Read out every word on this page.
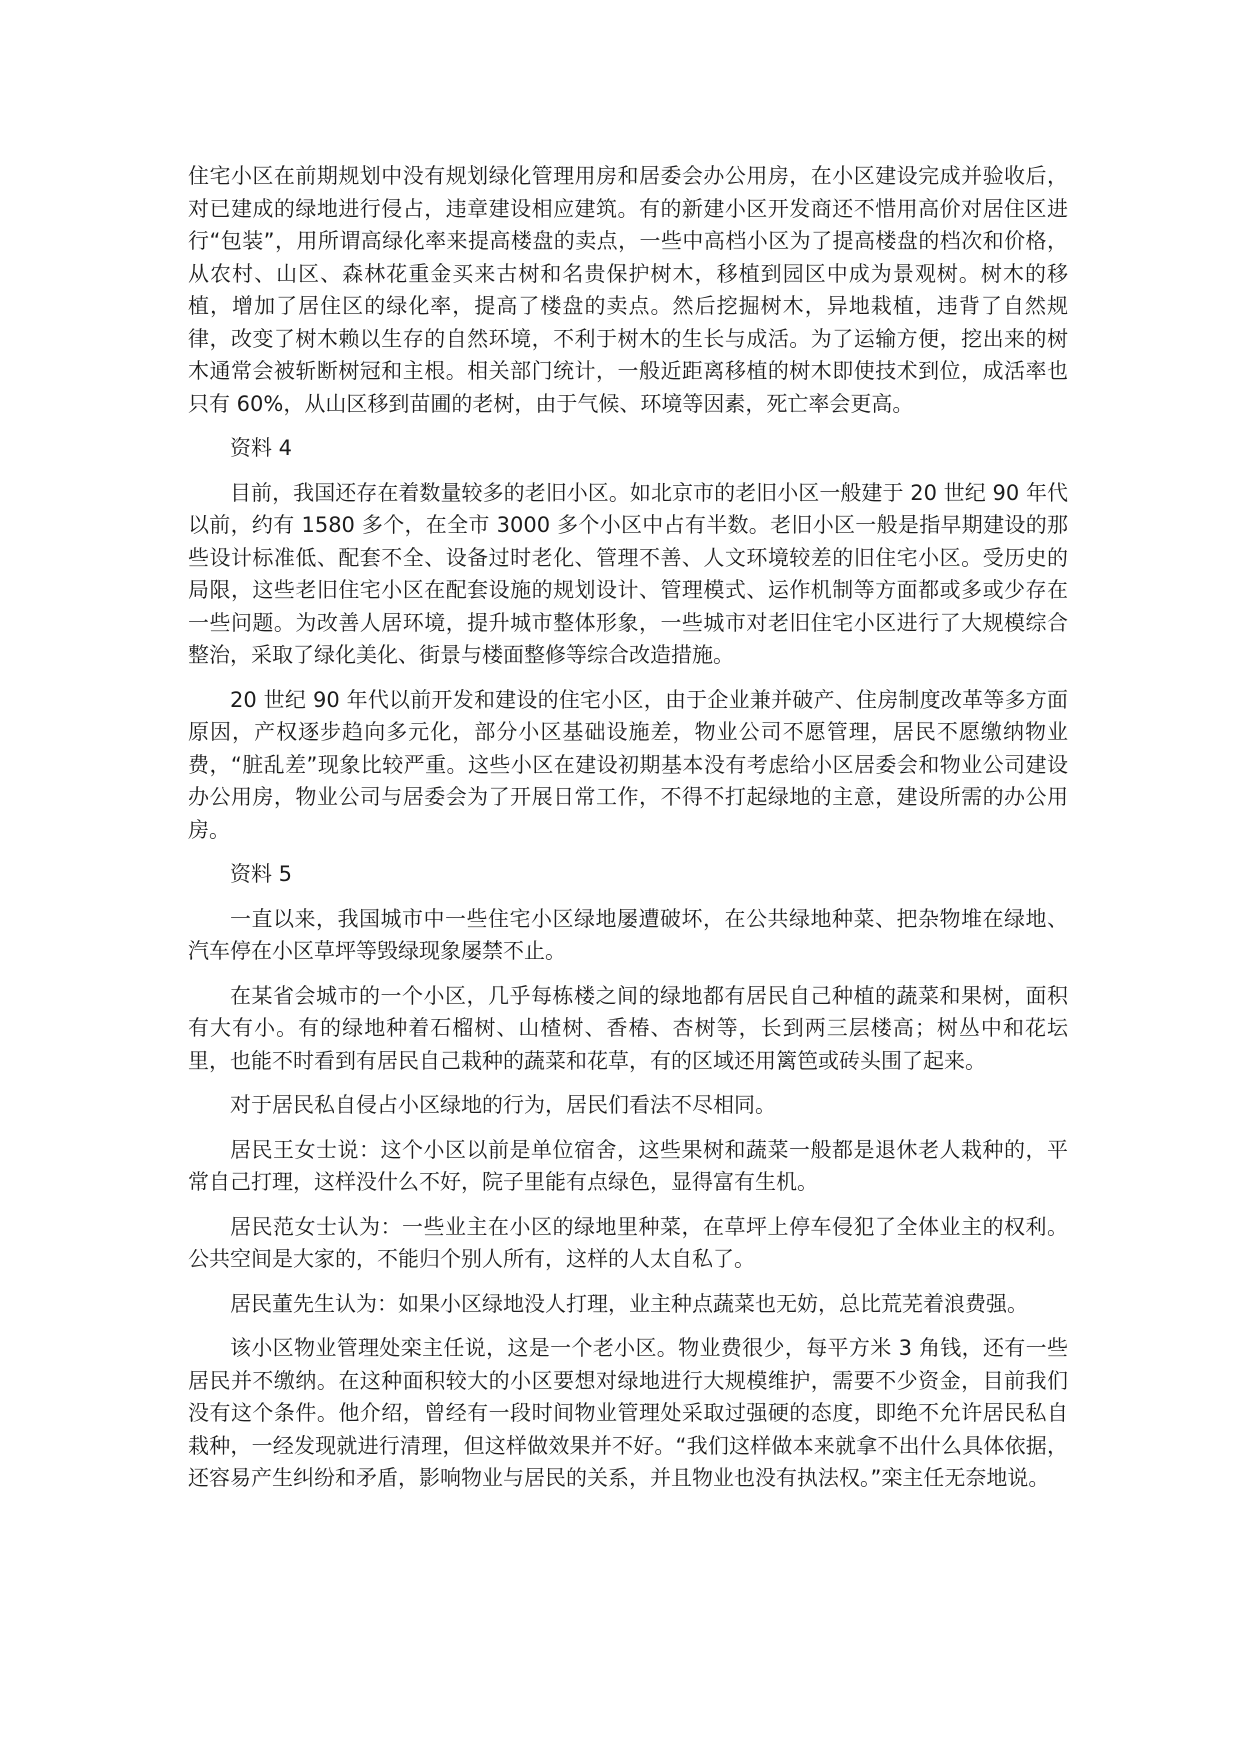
住宅小区在前期规划中没有规划绿化管理用房和居委会办公用房，在小区建设完成并验收后，对已建成的绿地进行侵占，违章建设相应建筑。有的新建小区开发商还不惜用高价对居住区进行“包装”，用所谓高绿化率来提高楼盘的卖点，一些中高档小区为了提高楼盘的档次和价格，从农村、山区、森林花重金买来古树和名贵保护树木，移植到园区中成为景观树。树木的移植，增加了居住区的绿化率，提高了楼盘的卖点。然后挖掘树木，异地栽植，违背了自然规律，改变了树木赖以生存的自然环境，不利于树木的生长与成活。为了运输方便，挖出来的树木通常会被斩断树冠和主根。相关部门统计，一般近距离移植的树木即使技术到位，成活率也只有 60%，从山区移到苗圃的老树，由于气候、环境等因素，死亡率会更高。

资料 4

目前，我国还存在着数量较多的老旧小区。如北京市的老旧小区一般建于 20 世纪 90 年代以前，约有 1580 多个，在全市 3000 多个小区中占有半数。老旧小区一般是指早期建设的那些设计标准低、配套不全、设备过时老化、管理不善、人文环境较差的旧住宅小区。受历史的局限，这些老旧住宅小区在配套设施的规划设计、管理模式、运作机制等方面都或多或少存在一些问题。为改善人居环境，提升城市整体形象，一些城市对老旧住宅小区进行了大规模综合整治，采取了绿化美化、街景与楼面整修等综合改造措施。

20 世纪 90 年代以前开发和建设的住宅小区，由于企业兼并破产、住房制度改革等多方面原因，产权逐步趋向多元化，部分小区基础设施差，物业公司不愿管理，居民不愿缴纳物业费，“脏乱差”现象比较严重。这些小区在建设初期基本没有考虑给小区居委会和物业公司建设办公用房，物业公司与居委会为了开展日常工作，不得不打起绿地的主意，建设所需的办公用房。

资料 5

一直以来，我国城市中一些住宅小区绿地屡遭破坏，在公共绿地种菜、把杂物堆在绿地、汽车停在小区草坪等毁绿现象屡禁不止。

在某省会城市的一个小区，几乎每栋楼之间的绿地都有居民自己种植的蔬菜和果树，面积有大有小。有的绿地种着石榴树、山楂树、香椿、杏树等，长到两三层楼高；树丛中和花坛里，也能不时看到有居民自己栽种的蔬菜和花草，有的区域还用篱笆或砖头围了起来。

对于居民私自侵占小区绿地的行为，居民们看法不尽相同。

居民王女士说：这个小区以前是单位宿舍，这些果树和蔬菜一般都是退休老人栽种的，平常自己打理，这样没什么不好，院子里能有点绿色，显得富有生机。

居民范女士认为：一些业主在小区的绿地里种菜，在草坪上停车侵犯了全体业主的权利。公共空间是大家的，不能归个别人所有，这样的人太自私了。

居民董先生认为：如果小区绿地没人打理，业主种点蔬菜也无妨，总比荒芜着浪费强。

该小区物业管理处栾主任说，这是一个老小区。物业费很少，每平方米 3 角钱，还有一些居民并不缴纳。在这种面积较大的小区要想对绿地进行大规模维护，需要不少资金，目前我们没有这个条件。他介绍，曾经有一段时间物业管理处采取过强硬的态度，即绝不允许居民私自栽种，一经发现就进行清理，但这样做效果并不好。“我们这样做本来就拿不出什么具体依据，还容易产生纠纷和矛盾，影响物业与居民的关系，并且物业也没有执法权。”栾主任无奈地说。
